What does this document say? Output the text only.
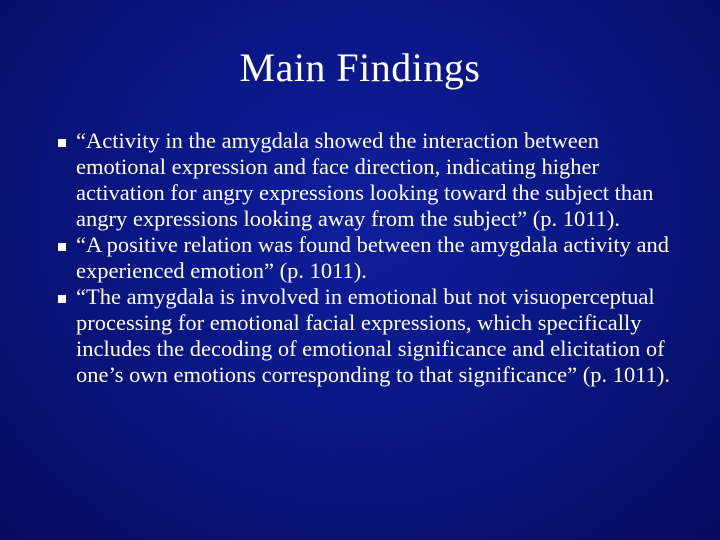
Main Findings
“Activity in the amygdala showed the interaction between emotional expression and face direction, indicating higher activation for angry expressions looking toward the subject than angry expressions looking away from the subject” (p. 1011).
“A positive relation was found between the amygdala activity and experienced emotion” (p. 1011).
“The amygdala is involved in emotional but not visuoperceptual processing for emotional facial expressions, which specifically includes the decoding of emotional significance and elicitation of one’s own emotions corresponding to that significance” (p. 1011).
